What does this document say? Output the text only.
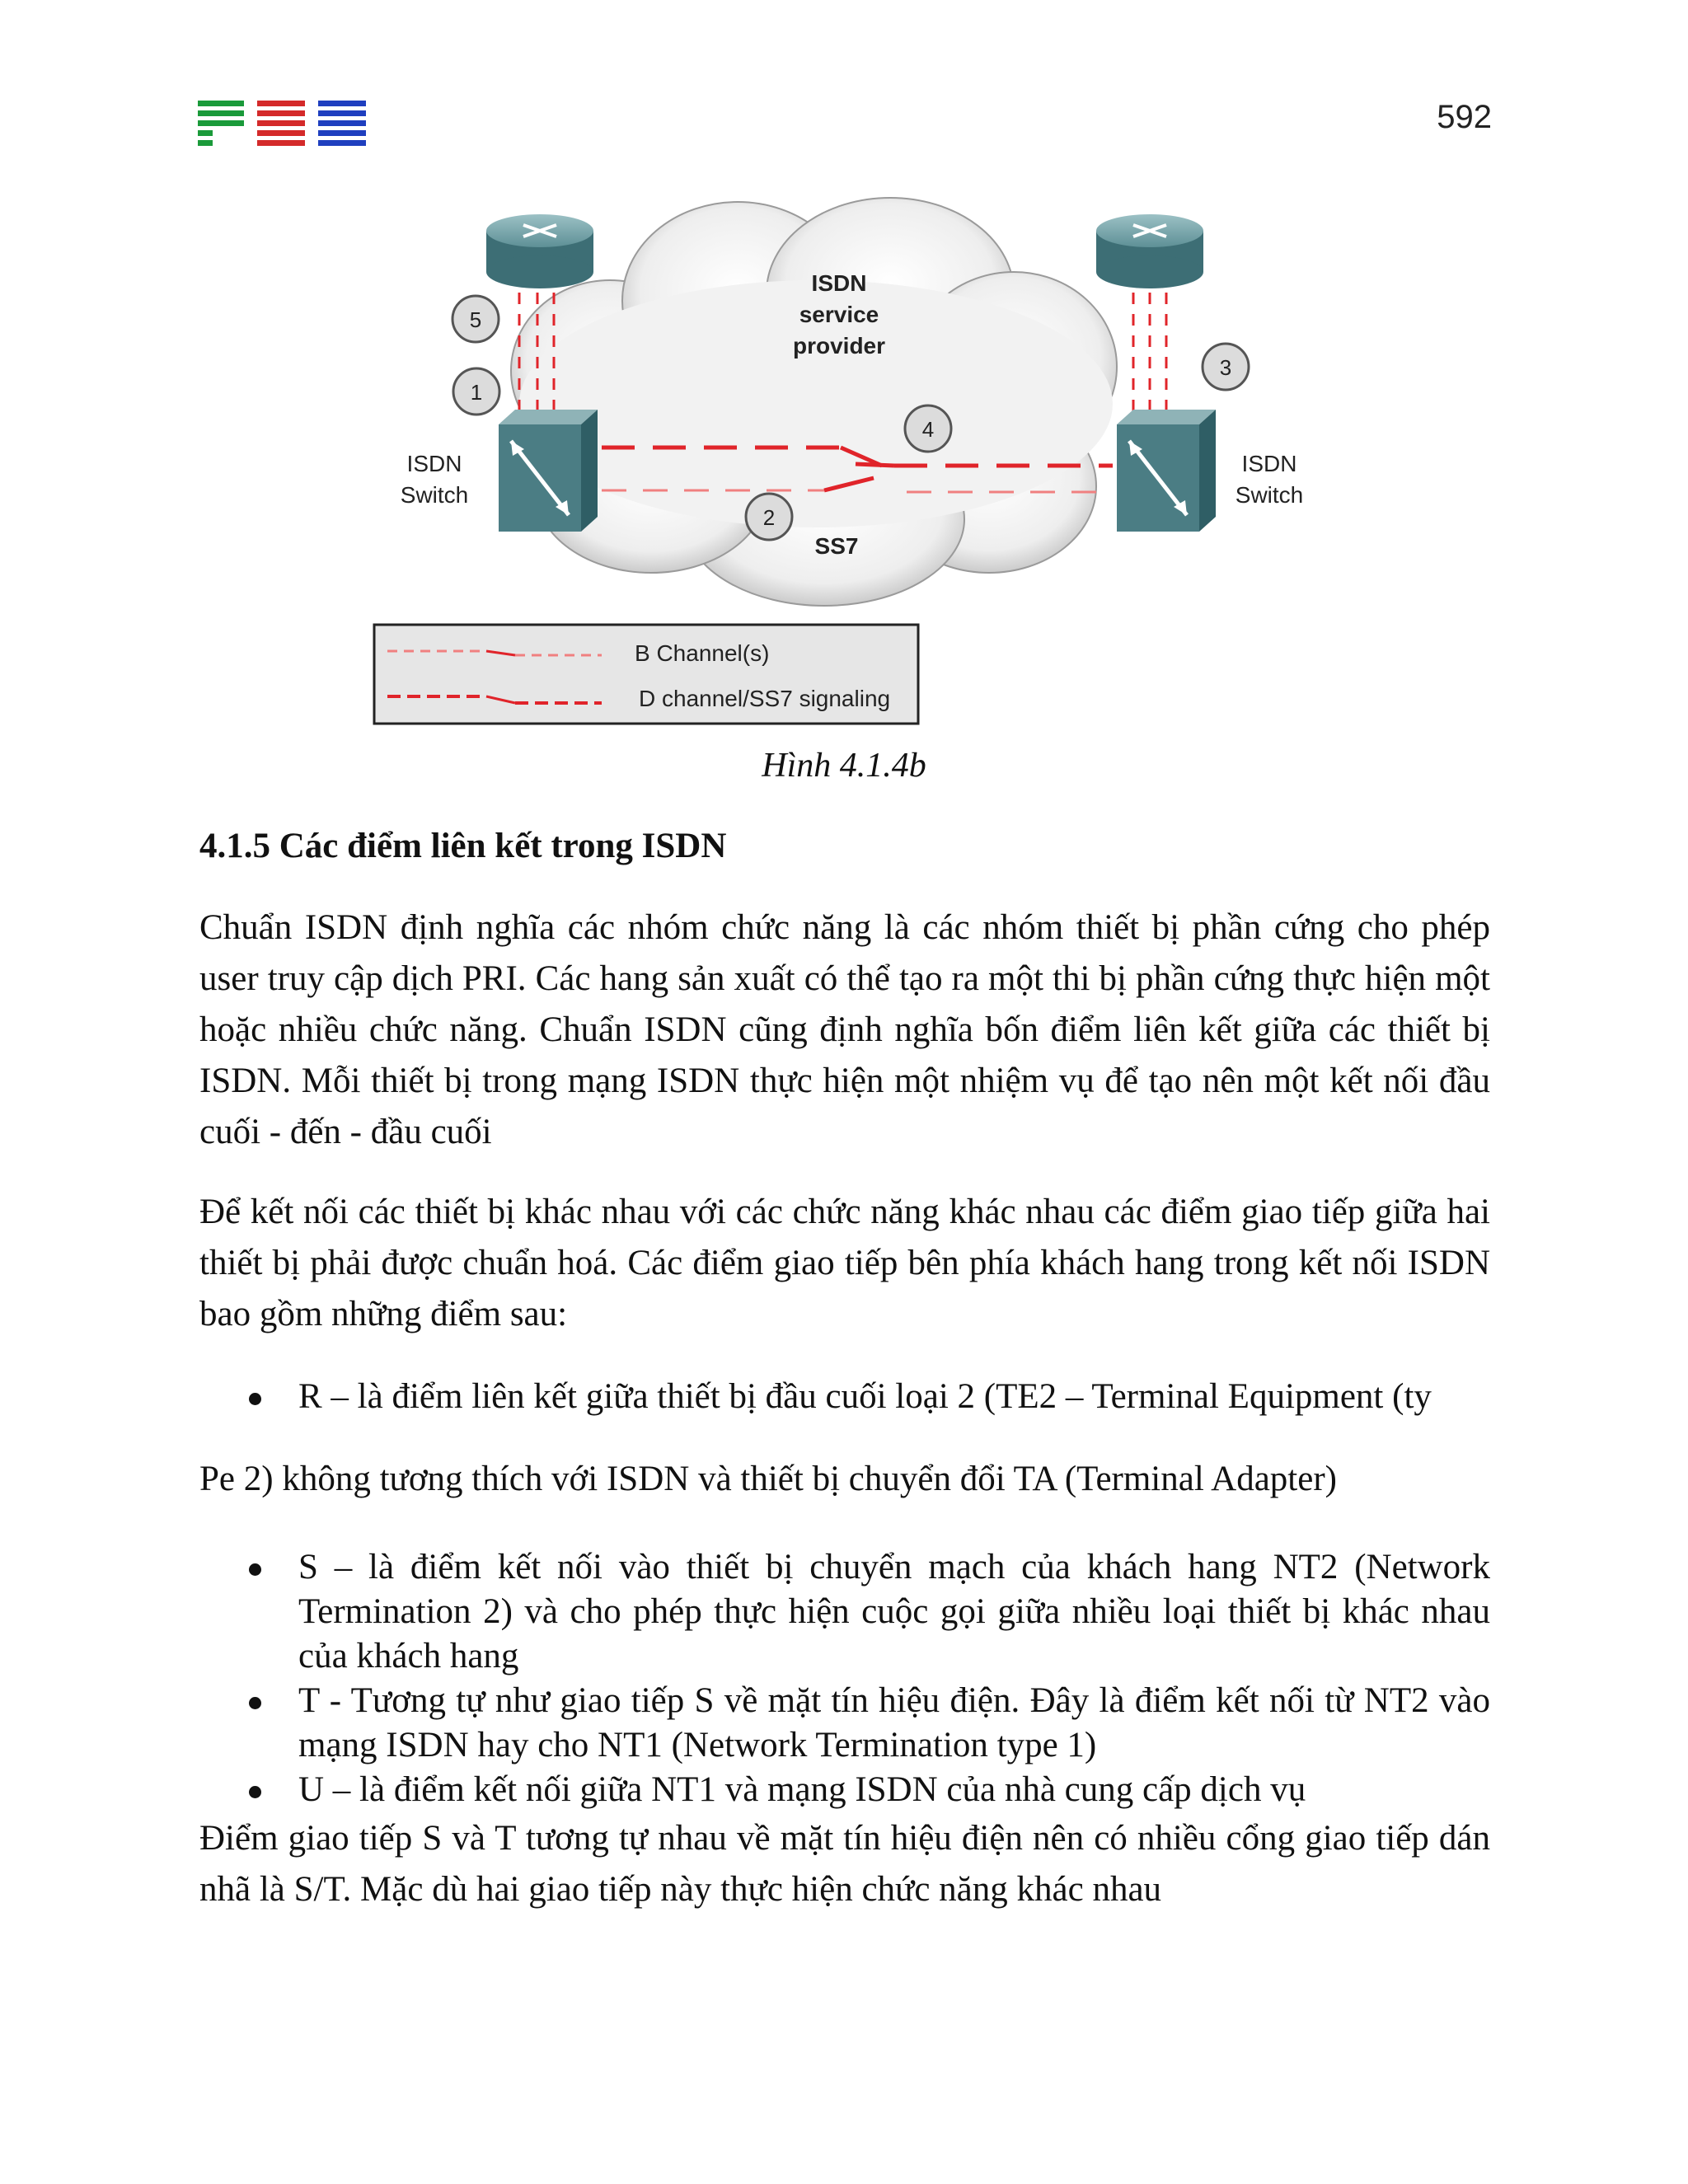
592
ISDN
service
provider
SS7
ISDN
Switch
ISDN
Switch
5
1
3
4
2
B Channel(s)
D channel/SS7 signaling
Hình 4.1.4b
4.1.5 Các điểm liên kết trong ISDN

Chuẩn ISDN định nghĩa các nhóm chức năng là các nhóm thiết bị phần cứng cho phép user truy cập dịch PRI. Các hang sản xuất có thể tạo ra một thi bị phần cứng thực hiện một hoặc nhiều chức năng. Chuẩn ISDN cũng định nghĩa bốn điểm liên kết giữa các thiết bị ISDN. Mỗi thiết bị trong mạng ISDN thực hiện một nhiệm vụ để tạo nên một kết nối đầu cuối - đến - đầu cuối

Để kết nối các thiết bị khác nhau với các chức năng khác nhau các điểm giao tiếp giữa hai thiết bị phải được chuẩn hoá. Các điểm giao tiếp bên phía khách hang trong kết nối ISDN bao gồm những điểm sau:

R – là điểm liên kết giữa thiết bị đầu cuối loại 2 (TE2 – Terminal Equipment (ty

Pe 2) không tương thích với ISDN và thiết bị chuyển đổi TA (Terminal Adapter)

S – là điểm kết nối vào thiết bị chuyển mạch của khách hang NT2 (Network Termination 2) và cho phép thực hiện cuộc gọi giữa nhiều loại thiết bị khác nhau của khách hang
T - Tương tự như giao tiếp S về mặt tín hiệu điện. Đây là điểm kết nối từ NT2 vào mạng ISDN hay cho NT1 (Network Termination type 1)
U – là điểm kết nối giữa NT1 và mạng ISDN của nhà cung cấp dịch vụ

Điểm giao tiếp S và T tương tự nhau về mặt tín hiệu điện nên có nhiều cổng giao tiếp dán nhã là S/T. Mặc dù hai giao tiếp này thực hiện chức năng khác nhau
